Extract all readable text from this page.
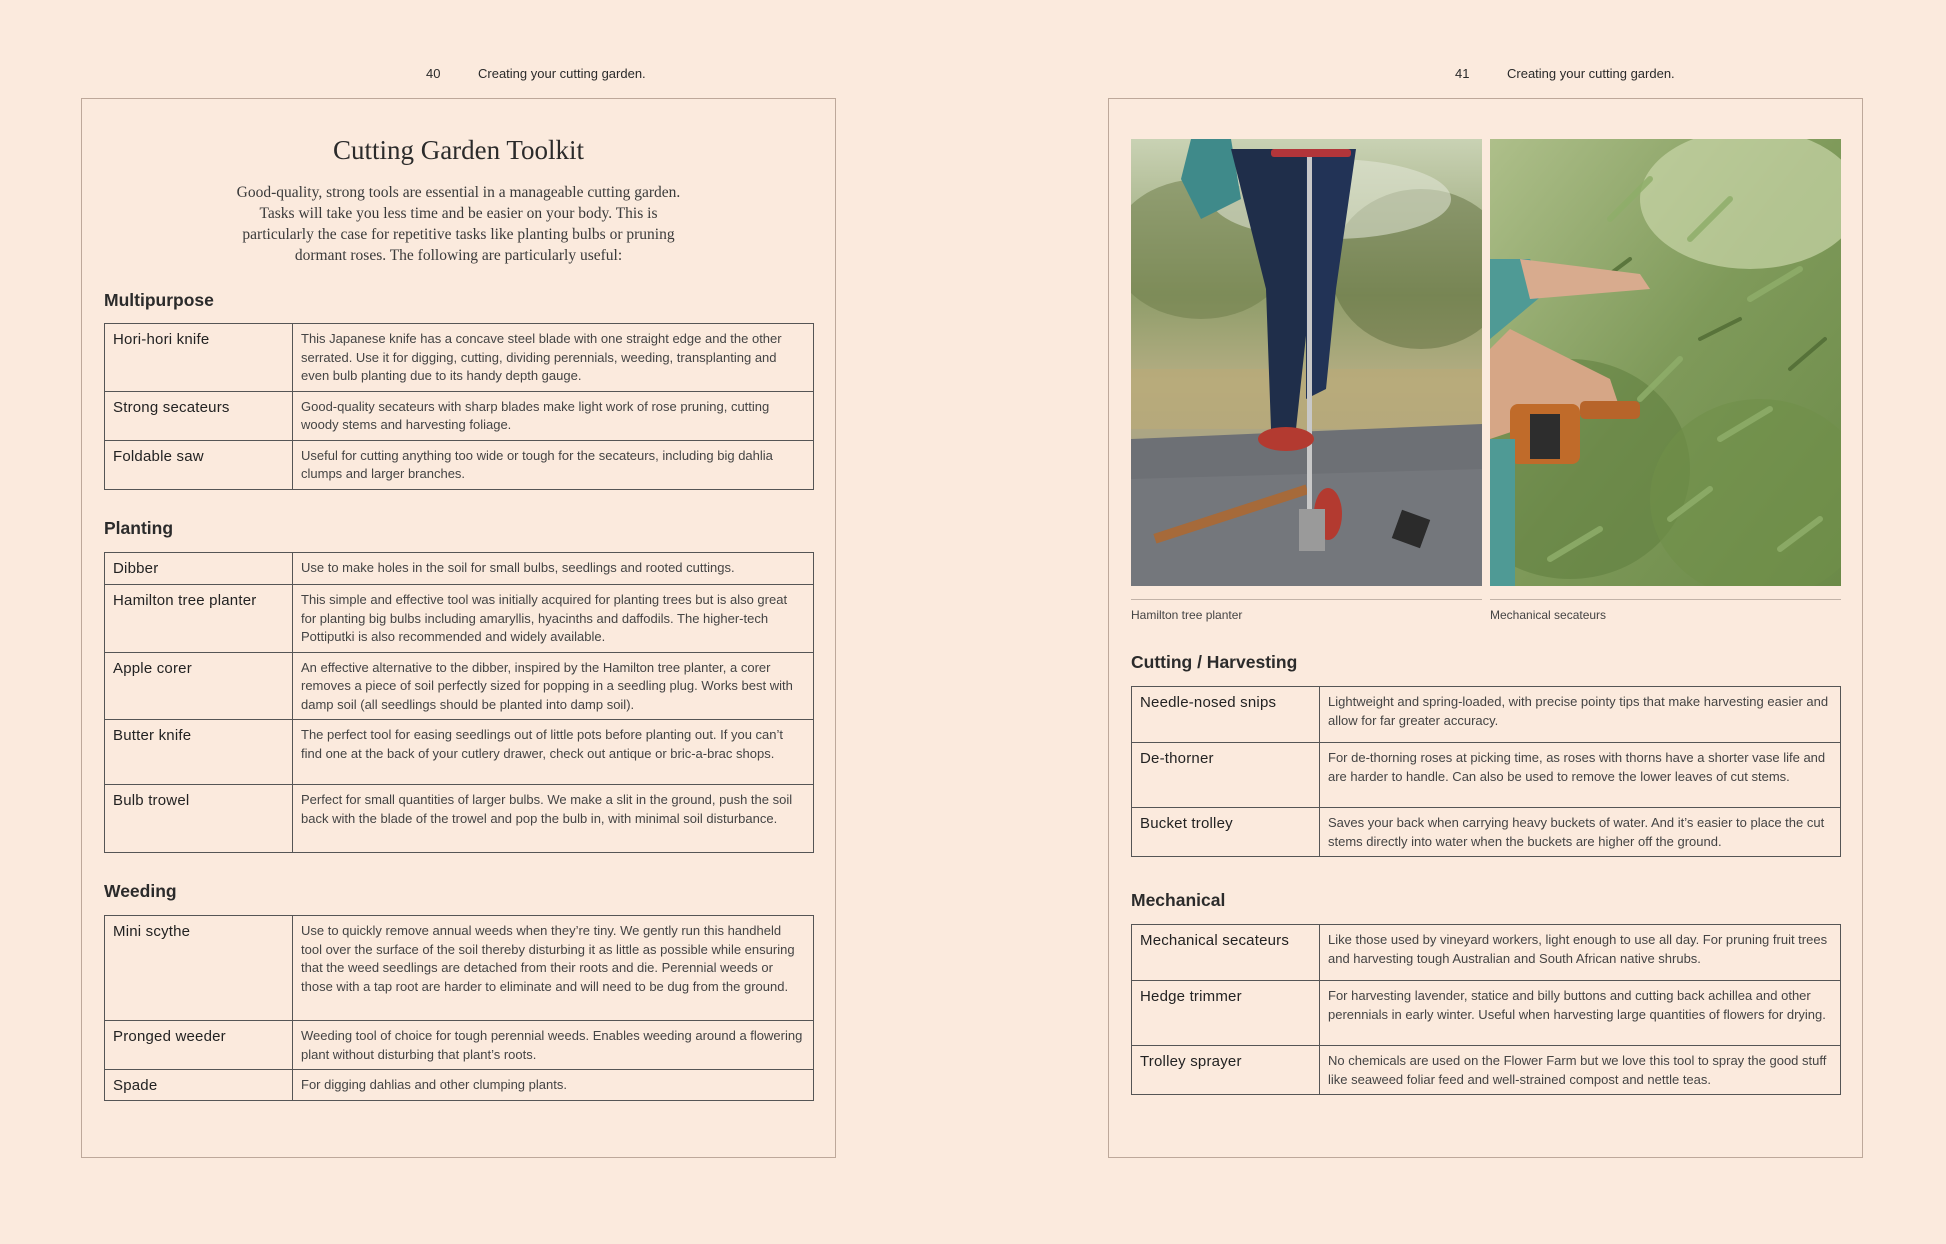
40	Creating your cutting garden.	41	Creating your cutting garden.
Cutting Garden Toolkit
Good-quality, strong tools are essential in a manageable cutting garden. Tasks will take you less time and be easier on your body. This is particularly the case for repetitive tasks like planting bulbs or pruning dormant roses. The following are particularly useful:
Multipurpose
Hori-hori knife	This Japanese knife has a concave steel blade with one straight edge and the other serrated. Use it for digging, cutting, dividing perennials, weeding, transplanting and even bulb planting due to its handy depth gauge.
Strong secateurs	Good-quality secateurs with sharp blades make light work of rose pruning, cutting woody stems and harvesting foliage.
Foldable saw	Useful for cutting anything too wide or tough for the secateurs, including big dahlia clumps and larger branches.
Planting
Dibber	Use to make holes in the soil for small bulbs, seedlings and rooted cuttings.
Hamilton tree planter	This simple and effective tool was initially acquired for planting trees but is also great for planting big bulbs including amaryllis, hyacinths and daffodils. The higher-tech Pottiputki is also recommended and widely available.
Apple corer	An effective alternative to the dibber, inspired by the Hamilton tree planter, a corer removes a piece of soil perfectly sized for popping in a seedling plug. Works best with damp soil (all seedlings should be planted into damp soil).
Butter knife	The perfect tool for easing seedlings out of little pots before planting out. If you can’t find one at the back of your cutlery drawer, check out antique or bric-a-brac shops.
Bulb trowel	Perfect for small quantities of larger bulbs. We make a slit in the ground, push the soil back with the blade of the trowel and pop the bulb in, with minimal soil disturbance.
Weeding
Mini scythe	Use to quickly remove annual weeds when they’re tiny. We gently run this handheld tool over the surface of the soil thereby disturbing it as little as possible while ensuring that the weed seedlings are detached from their roots and die. Perennial weeds or those with a tap root are harder to eliminate and will need to be dug from the ground.
Pronged weeder	Weeding tool of choice for tough perennial weeds. Enables weeding around a flowering plant without disturbing that plant’s roots.
Spade	For digging dahlias and other clumping plants.
Hamilton tree planter	Mechanical secateurs
Cutting / Harvesting
Needle-nosed snips	Lightweight and spring-loaded, with precise pointy tips that make harvesting easier and allow for far greater accuracy.
De-thorner	For de-thorning roses at picking time, as roses with thorns have a shorter vase life and are harder to handle. Can also be used to remove the lower leaves of cut stems.
Bucket trolley	Saves your back when carrying heavy buckets of water. And it’s easier to place the cut stems directly into water when the buckets are higher off the ground.
Mechanical
Mechanical secateurs	Like those used by vineyard workers, light enough to use all day. For pruning fruit trees and harvesting tough Australian and South African native shrubs.
Hedge trimmer	For harvesting lavender, statice and billy buttons and cutting back achillea and other perennials in early winter. Useful when harvesting large quantities of flowers for drying.
Trolley sprayer	No chemicals are used on the Flower Farm but we love this tool to spray the good stuff like seaweed foliar feed and well-strained compost and nettle teas.
